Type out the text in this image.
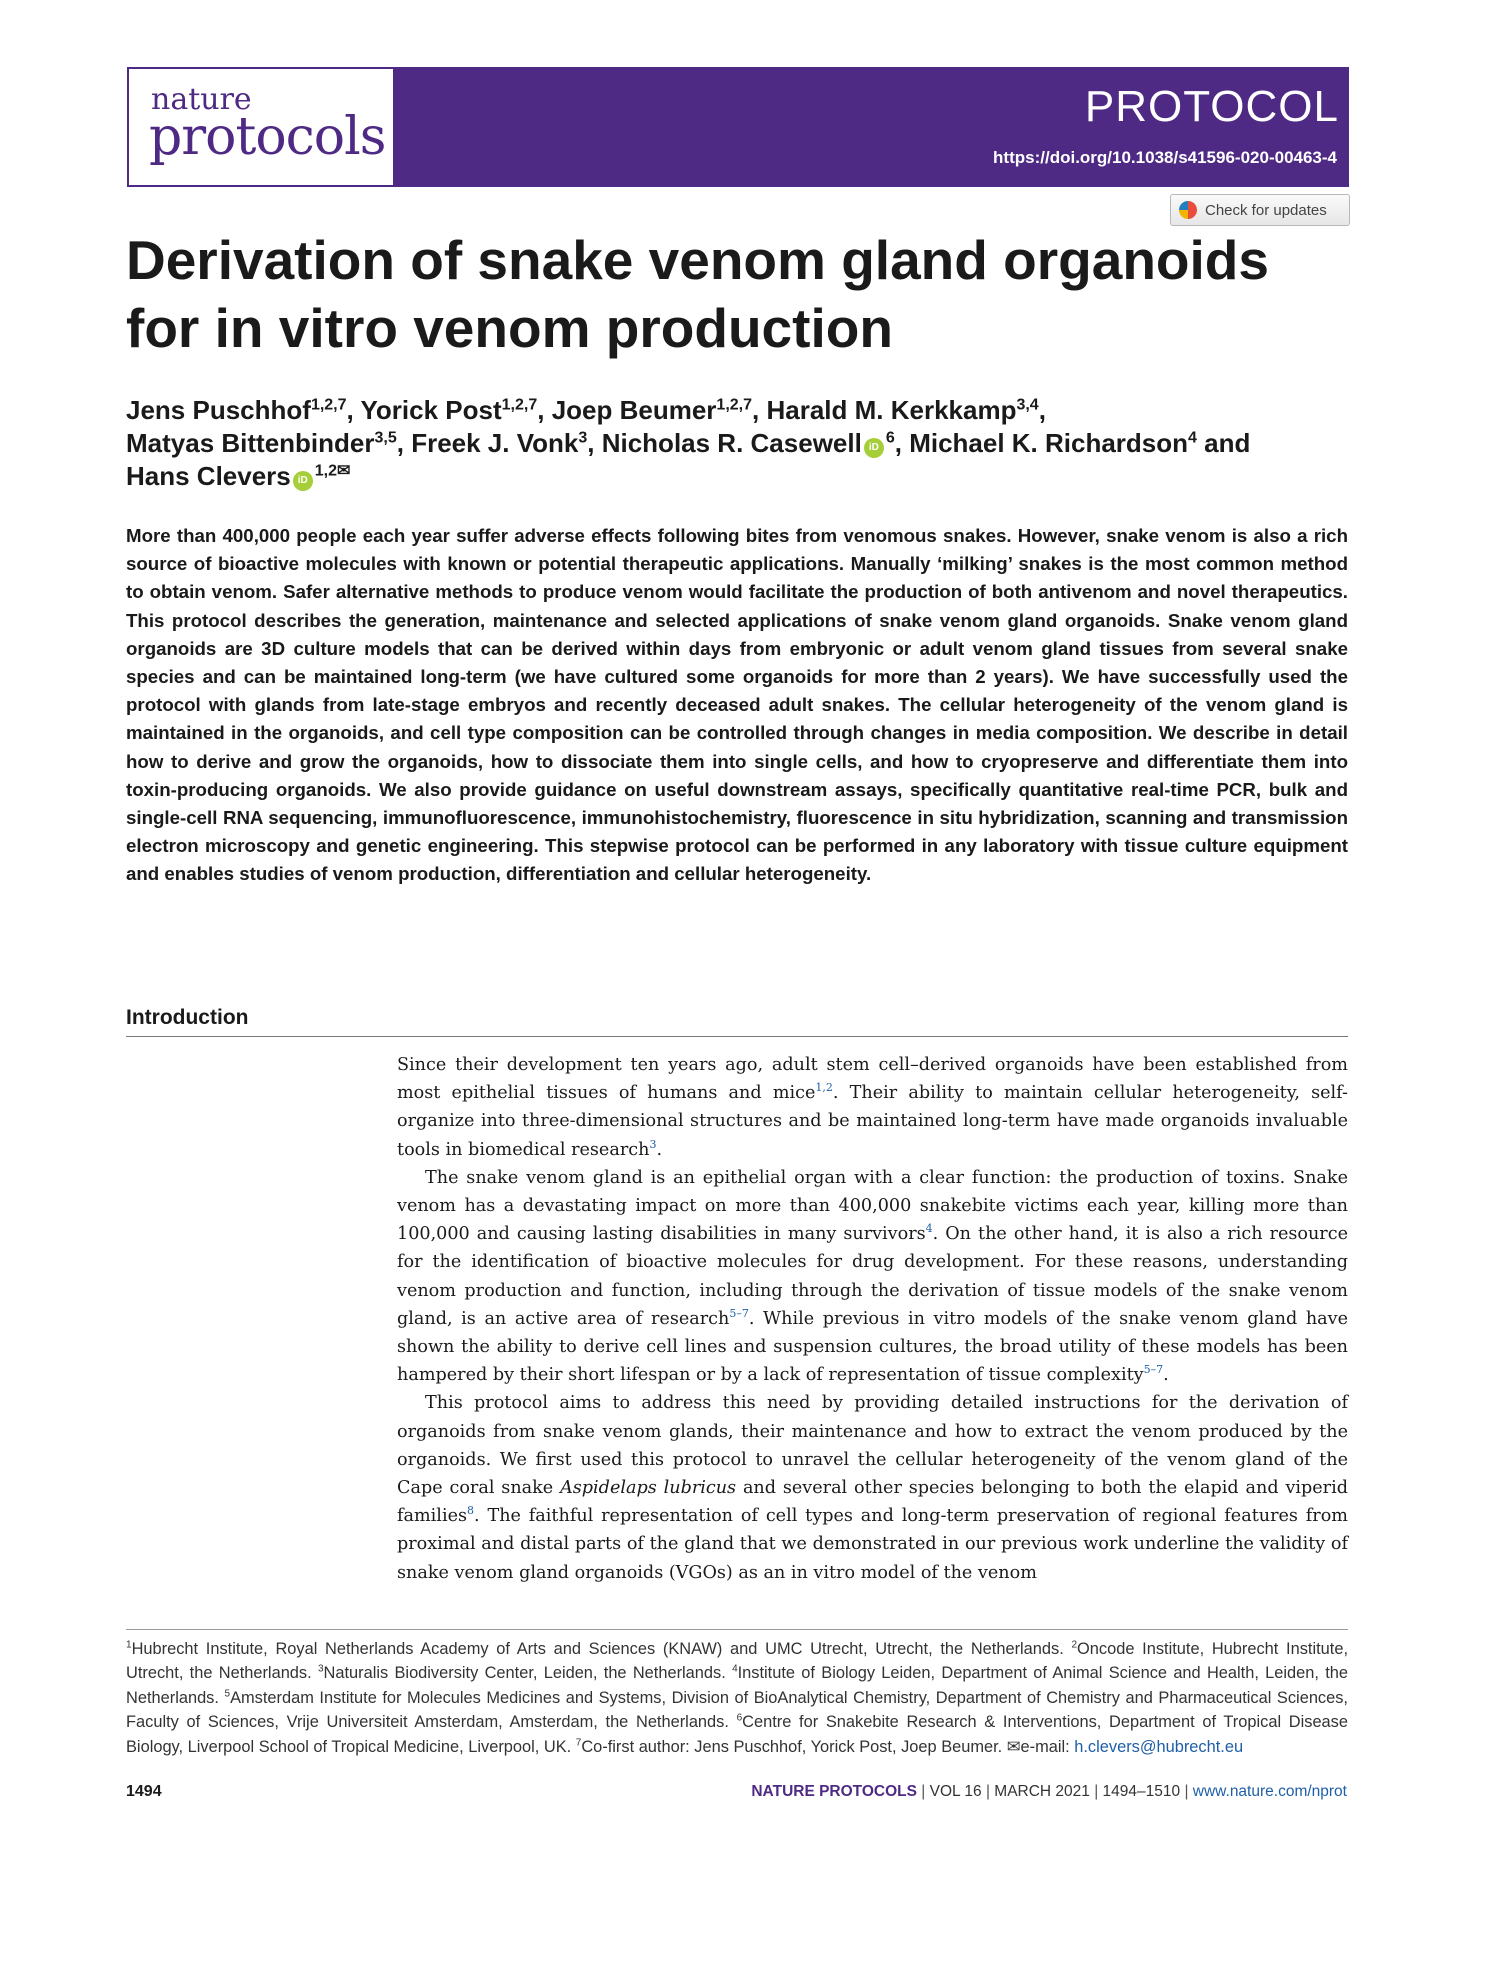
nature
protocols
PROTOCOL
https://doi.org/10.1038/s41596-020-00463-4
Check for updates
Derivation of snake venom gland organoids for in vitro venom production
Jens Puschhof$^{1,2,7}$, Yorick Post$^{1,2,7}$, Joep Beumer$^{1,2,7}$, Harald M. Kerkkamp$^{3,4}$,
Matyas Bittenbinder$^{3,5}$, Freek J. Vonk$^3$, Nicholas R. Casewell $iD^6$, Michael K. Richardson$^4$ and
Hans Clevers $iD^{1,2✉}$
More than 400,000 people each year suffer adverse effects following bites from venomous snakes. However, snake venom is also a rich source of bioactive molecules with known or potential therapeutic applications. Manually ‘milking’ snakes is the most common method to obtain venom. Safer alternative methods to produce venom would facilitate the production of both antivenom and novel therapeutics. This protocol describes the generation, maintenance and selected applications of snake venom gland organoids. Snake venom gland organoids are 3D culture models that can be derived within days from embryonic or adult venom gland tissues from several snake species and can be maintained long-term (we have cultured some organoids for more than 2 years). We have successfully used the protocol with glands from late-stage embryos and recently deceased adult snakes. The cellular heterogeneity of the venom gland is maintained in the organoids, and cell type composition can be controlled through changes in media composition. We describe in detail how to derive and grow the organoids, how to dissociate them into single cells, and how to cryopreserve and differentiate them into toxin-producing organoids. We also provide guidance on useful downstream assays, specifically quantitative real-time PCR, bulk and single-cell RNA sequencing, immunofluorescence, immunohistochemistry, fluorescence in situ hybridization, scanning and transmission electron microscopy and genetic engineering. This stepwise protocol can be performed in any laboratory with tissue culture equipment and enables studies of venom production, differentiation and cellular heterogeneity.
Introduction

Since their development ten years ago, adult stem cell–derived organoids have been established from most epithelial tissues of humans and mice$^{1,2}$. Their ability to maintain cellular heterogeneity, self-organize into three-dimensional structures and be maintained long-term have made organoids invaluable tools in biomedical research$^3$.

The snake venom gland is an epithelial organ with a clear function: the production of toxins. Snake venom has a devastating impact on more than 400,000 snakebite victims each year, killing more than 100,000 and causing lasting disabilities in many survivors$^4$. On the other hand, it is also a rich resource for the identification of bioactive molecules for drug development. For these reasons, understanding venom production and function, including through the derivation of tissue models of the snake venom gland, is an active area of research$^{5-7}$. While previous in vitro models of the snake venom gland have shown the ability to derive cell lines and suspension cultures, the broad utility of these models has been hampered by their short lifespan or by a lack of representation of tissue complexity$^{5-7}$.

This protocol aims to address this need by providing detailed instructions for the derivation of organoids from snake venom glands, their maintenance and how to extract the venom produced by the organoids. We first used this protocol to unravel the cellular heterogeneity of the venom gland of the Cape coral snake Aspidelaps lubricus and several other species belonging to both the elapid and viperid families$^8$. The faithful representation of cell types and long-term preservation of regional features from proximal and distal parts of the gland that we demonstrated in our previous work underline the validity of snake venom gland organoids (VGOs) as an in vitro model of the venom

$^1$Hubrecht Institute, Royal Netherlands Academy of Arts and Sciences (KNAW) and UMC Utrecht, Utrecht, the Netherlands. $^2$Oncode Institute, Hubrecht Institute, Utrecht, the Netherlands. $^3$Naturalis Biodiversity Center, Leiden, the Netherlands. $^4$Institute of Biology Leiden, Department of Animal Science and Health, Leiden, the Netherlands. $^5$Amsterdam Institute for Molecules Medicines and Systems, Division of BioAnalytical Chemistry, Department of Chemistry and Pharmaceutical Sciences, Faculty of Sciences, Vrije Universiteit Amsterdam, Amsterdam, the Netherlands. $^6$Centre for Snakebite Research & Interventions, Department of Tropical Disease Biology, Liverpool School of Tropical Medicine, Liverpool, UK. $^7$Co-first author: Jens Puschhof, Yorick Post, Joep Beumer. ✉e-mail: h.clevers@hubrecht.eu
1494	NATURE PROTOCOLS | VOL 16 | MARCH 2021 | 1494–1510 | www.nature.com/nprot
